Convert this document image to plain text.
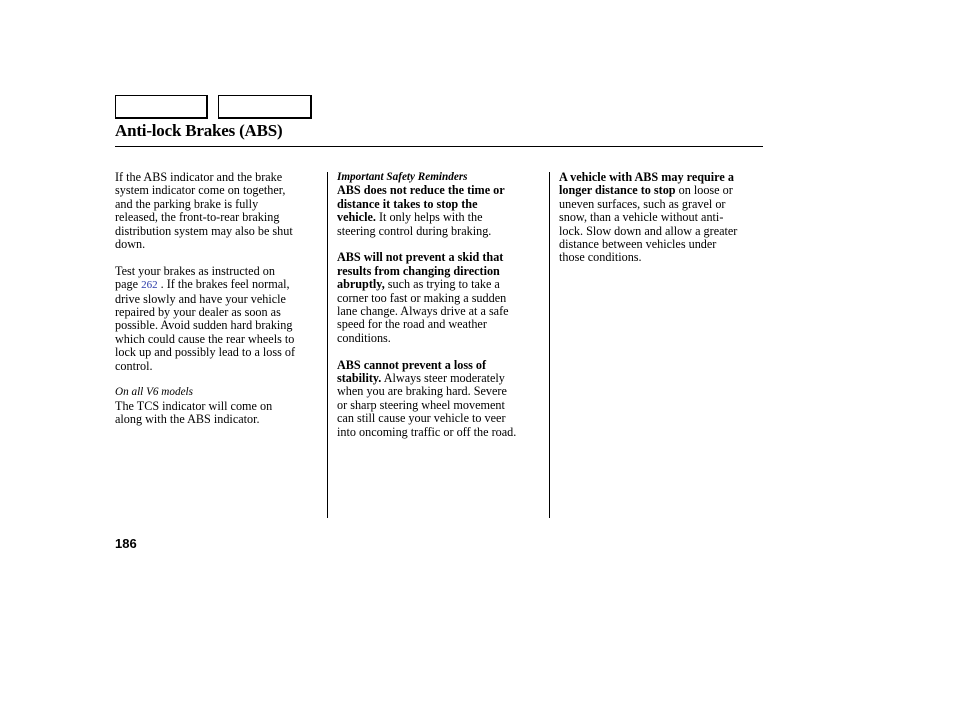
Anti-lock Brakes (ABS)

If the ABS indicator and the brake

system indicator come on together,

and the parking brake is fully

released, the front-to-rear braking

distribution system may also be shut

down.

Test your brakes as instructed on

page 262 . If the brakes feel normal,

drive slowly and have your vehicle

repaired by your dealer as soon as

possible. Avoid sudden hard braking

which could cause the rear wheels to

lock up and possibly lead to a loss of

control.

On all V6 models

The TCS indicator will come on

along with the ABS indicator.

Important Safety Reminders

ABS does not reduce the time or

distance it takes to stop the

vehicle. It only helps with the

steering control during braking.

ABS will not prevent a skid that

results from changing direction

abruptly, such as trying to take a

corner too fast or making a sudden

lane change. Always drive at a safe

speed for the road and weather

conditions.

ABS cannot prevent a loss of

stability. Always steer moderately

when you are braking hard. Severe

or sharp steering wheel movement

can still cause your vehicle to veer

into oncoming traffic or off the road.

A vehicle with ABS may require a

longer distance to stop on loose or

uneven surfaces, such as gravel or

snow, than a vehicle without anti-

lock. Slow down and allow a greater

distance between vehicles under

those conditions.

186
